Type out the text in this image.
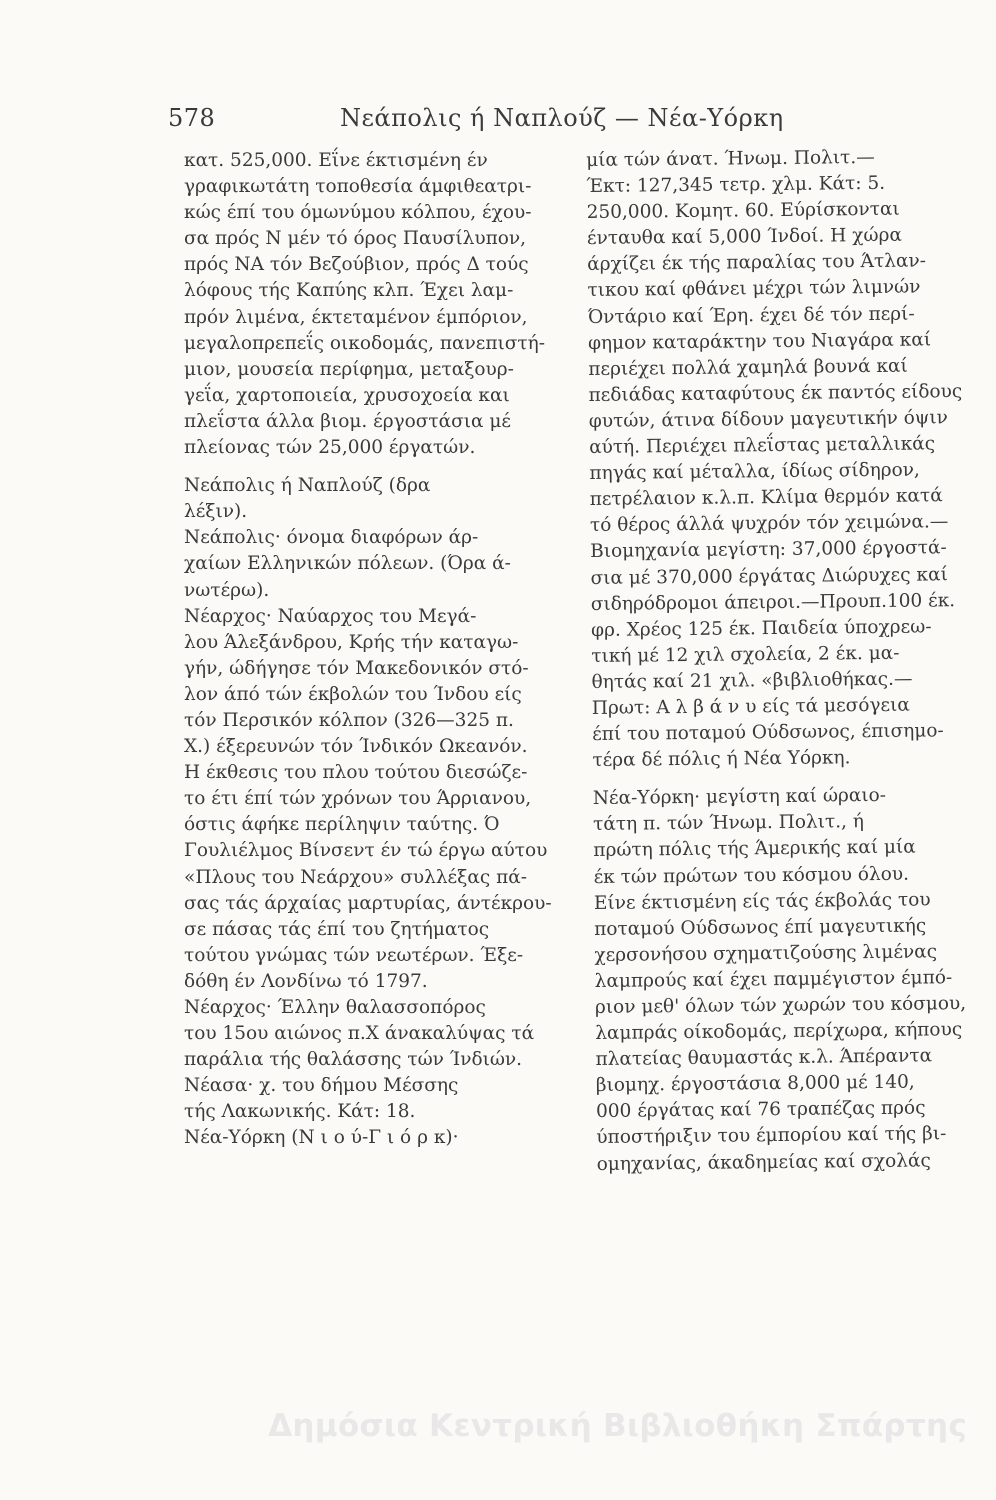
578	Νεάπολις ή Ναπλούζ — Νέα-Υόρκη
κατ. 525,000. Εΐνε έκτισμένη έν
γραφικωτάτη τοποθεσία άμφιθεατρι-
κώς έπί του όμωνύμου κόλπου, έχου-
σα πρός Ν μέν τό όρος Παυσίλυπον,
πρός ΝΑ τόν Βεζούβιον, πρός Δ τούς
λόφους τής Καπύης κλπ. Έχει λαμ-
πρόν λιμένα, έκτεταμένον έμπόριον,
μεγαλοπρεπεΐς οικοδομάς, πανεπιστή-
μιον, μουσεία περίφημα, μεταξουρ-
γεΐα, χαρτοποιεία, χρυσοχοεία και
πλεΐστα άλλα βιομ. έργοστάσια μέ
πλείονας τών 25,000 έργατών.
Νεάπολις ή Ναπλούζ (δρα
λέξιν).
Νεάπολις· όνομα διαφόρων άρ-
χαίων Ελληνικών πόλεων. (Όρα ά-
νωτέρω).
Νέαρχος· Ναύαρχος του Μεγά-
λου Άλεξάνδρου, Κρής τήν καταγω-
γήν, ώδήγησε τόν Μακεδονικόν στό-
λον άπό τών έκβολών του Ίνδου είς
τόν Περσικόν κόλπον (326—325 π.
Χ.) έξερευνών τόν Ίνδικόν Ωκεανόν.
Η έκθεσις του πλου τούτου διεσώζε-
το έτι έπί τών χρόνων του Άρριανου,
όστις άφήκε περίληψιν ταύτης. Ό
Γουλιέλμος Βίνσεντ έν τώ έργω αύτου
«Πλους του Νεάρχου» συλλέξας πά-
σας τάς άρχαίας μαρτυρίας, άντέκρου-
σε πάσας τάς έπί του ζητήματος
τούτου γνώμας τών νεωτέρων. Έξε-
δόθη έν Λονδίνω τό 1797.
Νέαρχος· Έλλην θαλασσοπόρος
του 15ου αιώνος π.Χ άνακαλύψας τά
παράλια τής θαλάσσης τών Ίνδιών.
Νέασα· χ. του δήμου Μέσσης
τής Λακωνικής. Κάτ: 18.
Νέα-Υόρκη (Ν ι ο ύ-Γ ι ό ρ κ)·
μία τών άνατ. Ήνωμ. Πολιτ.—
Έκτ: 127,345 τετρ. χλμ. Κάτ: 5.
250,000. Κομητ. 60. Εύρίσκονται
ένταυθα καί 5,000 Ίνδοί. Η χώρα
άρχίζει έκ τής παραλίας του Άτλαν-
τικου καί φθάνει μέχρι τών λιμνών
Όντάριο καί Έρη. έχει δέ τόν περί-
φημον καταράκτην του Νιαγάρα καί
περιέχει πολλά χαμηλά βουνά καί
πεδιάδας καταφύτους έκ παντός είδους
φυτών, άτινα δίδουν μαγευτικήν όψιν
αύτή. Περιέχει πλεΐστας μεταλλικάς
πηγάς καί μέταλλα, ίδίως σίδηρον,
πετρέλαιον κ.λ.π. Κλίμα θερμόν κατά
τό θέρος άλλά ψυχρόν τόν χειμώνα.—
Βιομηχανία μεγίστη: 37,000 έργοστά-
σια μέ 370,000 έργάτας Διώρυχες καί
σιδηρόδρομοι άπειροι.—Προυπ.100 έκ.
φρ. Χρέος 125 έκ. Παιδεία ύποχρεω-
τική μέ 12 χιλ σχολεία, 2 έκ. μα-
θητάς καί 21 χιλ. «βιβλιοθήκας.—
Πρωτ: Α λ β ά ν υ είς τά μεσόγεια
έπί του ποταμού Ούδσωνος, έπισημο-
τέρα δέ πόλις ή Νέα Υόρκη.
Νέα-Υόρκη· μεγίστη καί ώραιο-
τάτη π. τών Ήνωμ. Πολιτ., ή
πρώτη πόλις τής Άμερικής καί μία
έκ τών πρώτων του κόσμου όλου.
Είνε έκτισμένη είς τάς έκβολάς του
ποταμού Ούδσωνος έπί μαγευτικής
χερσονήσου σχηματιζούσης λιμένας
λαμπρούς καί έχει παμμέγιστον έμπό-
ριον μεθ' όλων τών χωρών του κόσμου,
λαμπράς οίκοδομάς, περίχωρα, κήπους
πλατείας θαυμαστάς κ.λ. Άπέραντα
βιομηχ. έργοστάσια 8,000 μέ 140,
000 έργάτας καί 76 τραπέζας πρός
ύποστήριξιν του έμπορίου καί τής βι-
ομηχανίας, άκαδημείας καί σχολάς
Δημόσια Κεντρική Βιβλιοθήκη Σπάρτης
